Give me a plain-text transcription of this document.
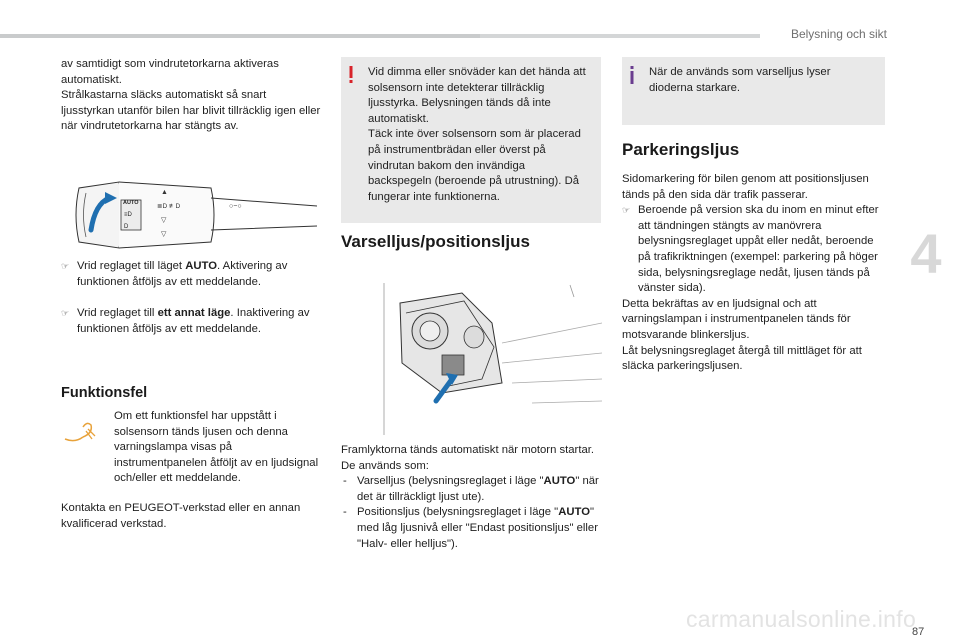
Belysning och sikt
4

av samtidigt som vindrutetorkarna aktiveras automatiskt.

Strålkastarna släcks automatiskt så snart ljusstyrkan utanför bilen har blivit tillräcklig igen eller när vindrutetorkarna har stängts av.

AUTO
≡D
D
▲
≣D ≢D
▽
▽
○−○

☞ Vrid reglaget till läget AUTO. Aktivering av funktionen åtföljs av ett meddelande.

☞ Vrid reglaget till ett annat läge. Inaktivering av funktionen åtföljs av ett meddelande.

Funktionsfel

Om ett funktionsfel har uppstått i solsensorn tänds ljusen och denna varningslampa visas på instrumentpanelen åtföljt av en ljudsignal och/eller ett meddelande.

Kontakta en PEUGEOT-verkstad eller en annan kvalificerad verkstad.

Vid dimma eller snöväder kan det hända att solsensorn inte detekterar tillräcklig ljusstyrka. Belysningen tänds då inte automatiskt.

Täck inte över solsensorn som är placerad på instrumentbrädan eller överst på vindrutan bakom den invändiga backspegeln (beroende på utrustning). Då fungerar inte funktionerna.

Varselljus/positionsljus

Framlyktorna tänds automatiskt när motorn startar.

De används som:

- Varselljus (belysningsreglaget i läge "AUTO" när det är tillräckligt ljust ute).

- Positionsljus (belysningsreglaget i läge "AUTO" med låg ljusnivå eller "Endast positionsljus" eller "Halv- eller helljus").

När de används som varselljus lyser dioderna starkare.

Parkeringsljus

Sidomarkering för bilen genom att positionsljusen tänds på den sida där trafik passerar.

☞ Beroende på version ska du inom en minut efter att tändningen stängts av manövrera belysningsreglaget uppåt eller nedåt, beroende på trafikriktningen (exempel: parkering på höger sida, belysningsreglage nedåt, ljusen tänds på vänster sida).

Detta bekräftas av en ljudsignal och att varningslampan i instrumentpanelen tänds för motsvarande blinkersljus.

Låt belysningsreglaget återgå till mittläget för att släcka parkeringsljusen.

carmanualsonline.info
87
